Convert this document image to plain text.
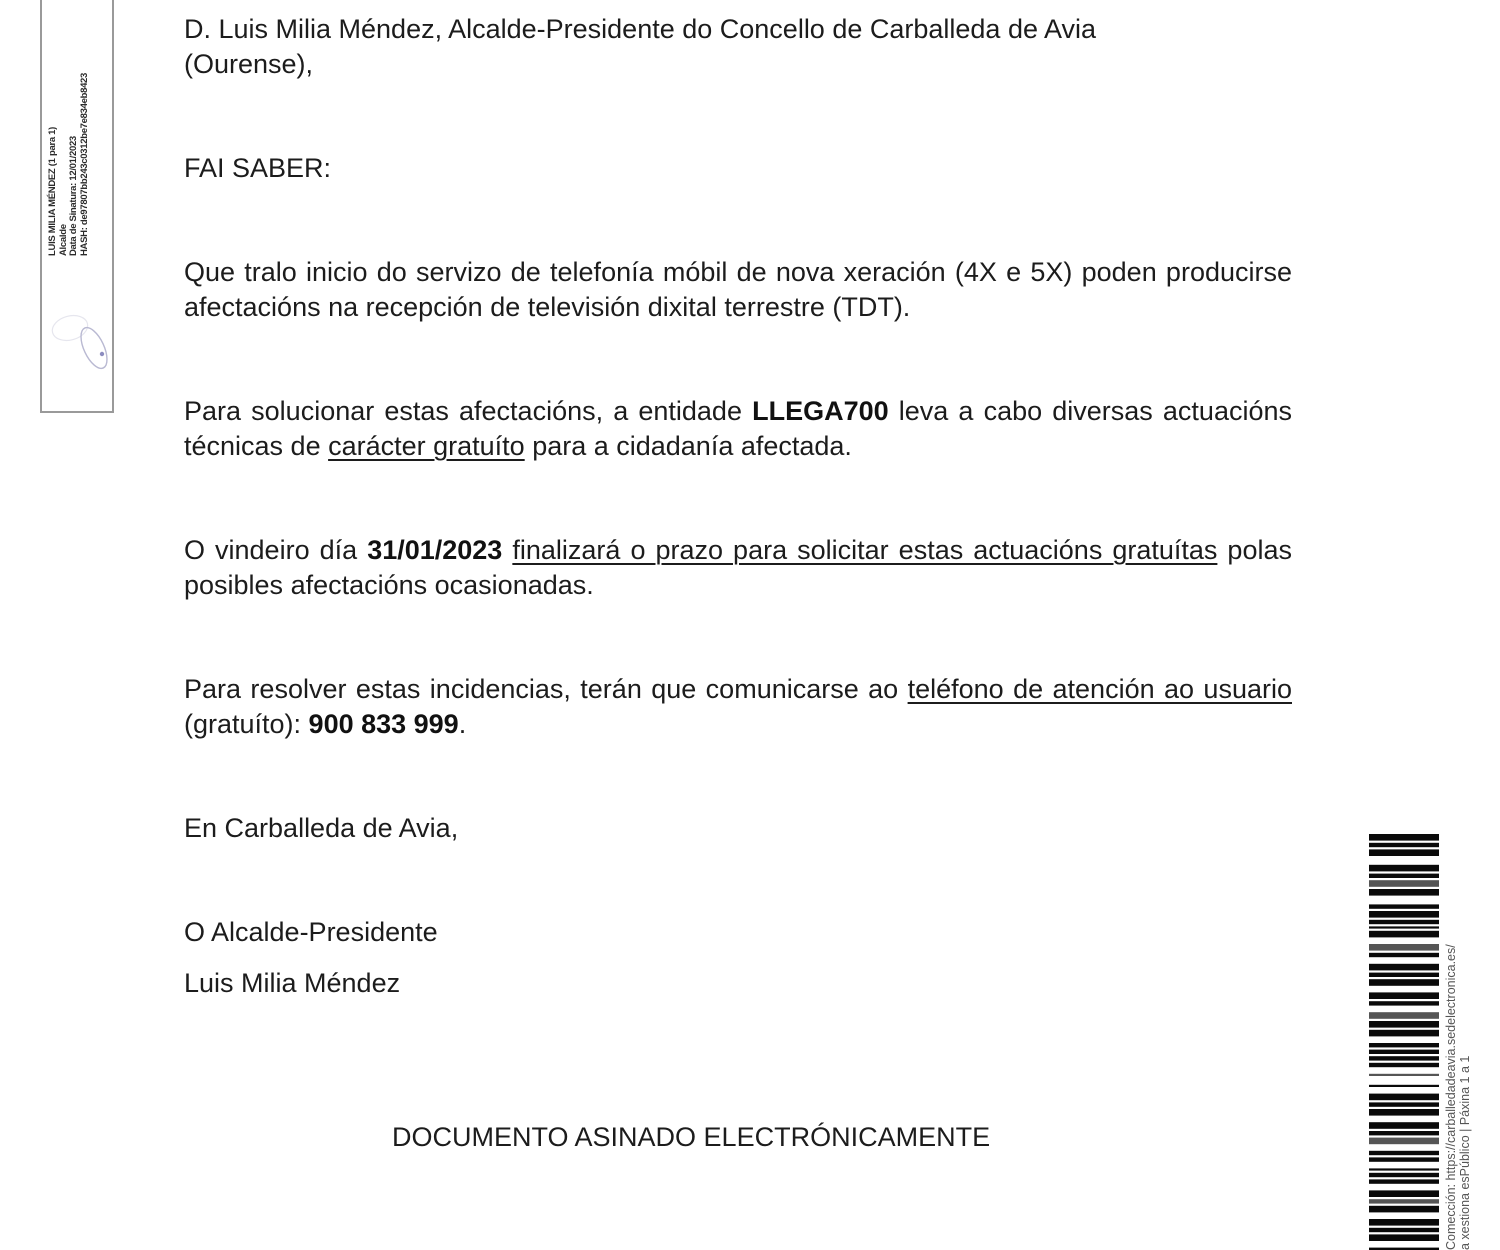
LUIS MILIA MÉNDEZ (1 para 1) Alcalde Data de Sinatura: 12/01/2023 HASH: de97807bb243c0312be7e834eb8423

D. Luis Milia Méndez, Alcalde-Presidente do Concello de Carballeda de Avia
(Ourense),

FAI SABER:

Que tralo inicio do servizo de telefonía móbil de nova xeración (4X e 5X) poden producirse afectacións na recepción de televisión dixital terrestre (TDT).

Para solucionar estas afectacións, a entidade LLEGA700 leva a cabo diversas actuacións técnicas de carácter gratuíto para a cidadanía afectada.

O vindeiro día 31/01/2023 finalizará o prazo para solicitar estas actuacións gratuítas polas posibles afectacións ocasionadas.

Para resolver estas incidencias, terán que comunicarse ao teléfono de atención ao usuario (gratuíto): 900 833 999.

En Carballeda de Avia,

O Alcalde-Presidente

Luis Milia Méndez

DOCUMENTO ASINADO ELECTRÓNICAMENTE	Comección: https://carballedadeavia.sedelectronica.es/ a xestiona esPúblico | Páxina 1 a 1
